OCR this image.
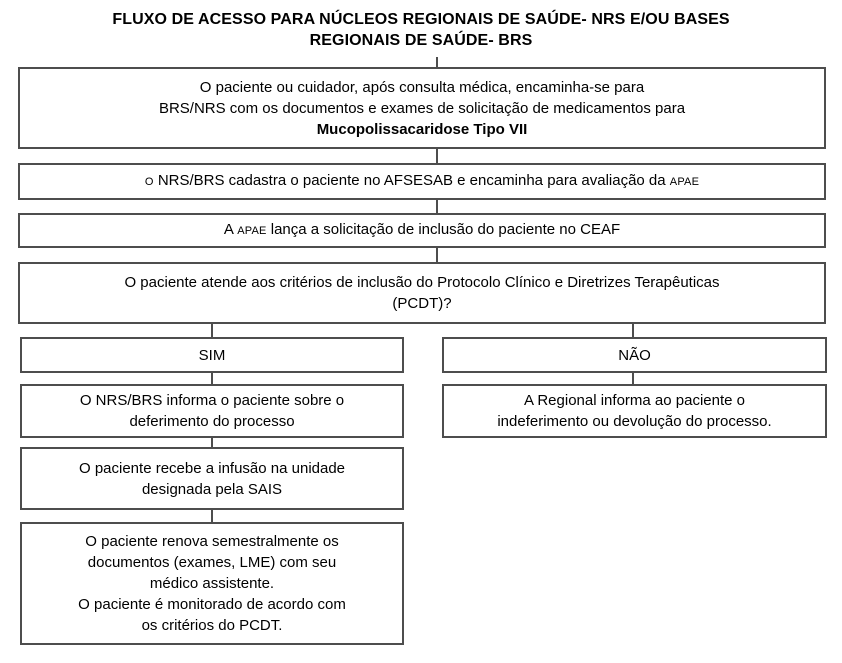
FLUXO DE ACESSO PARA NÚCLEOS REGIONAIS DE SAÚDE- NRS E/OU BASES
REGIONAIS DE SAÚDE- BRS
O paciente ou cuidador, após consulta médica, encaminha-se para
BRS/NRS com os documentos e exames de solicitação de medicamentos para
Mucopolissacaridose Tipo VII
O NRS/BRS cadastra o paciente no AFSESAB e encaminha para avaliação da APAE
A APAE lança a solicitação de inclusão do paciente no CEAF
O paciente atende aos critérios de inclusão do Protocolo Clínico e Diretrizes Terapêuticas
(PCDT)?
SIM
O NRS/BRS informa o paciente sobre o
deferimento do processo
O paciente recebe a infusão na unidade
designada pela SAIS
O paciente renova semestralmente os
documentos (exames, LME) com seu
médico assistente.
O paciente é monitorado de acordo com
os critérios do PCDT.
NÃO
A Regional informa ao paciente o
indeferimento ou devolução do processo.
